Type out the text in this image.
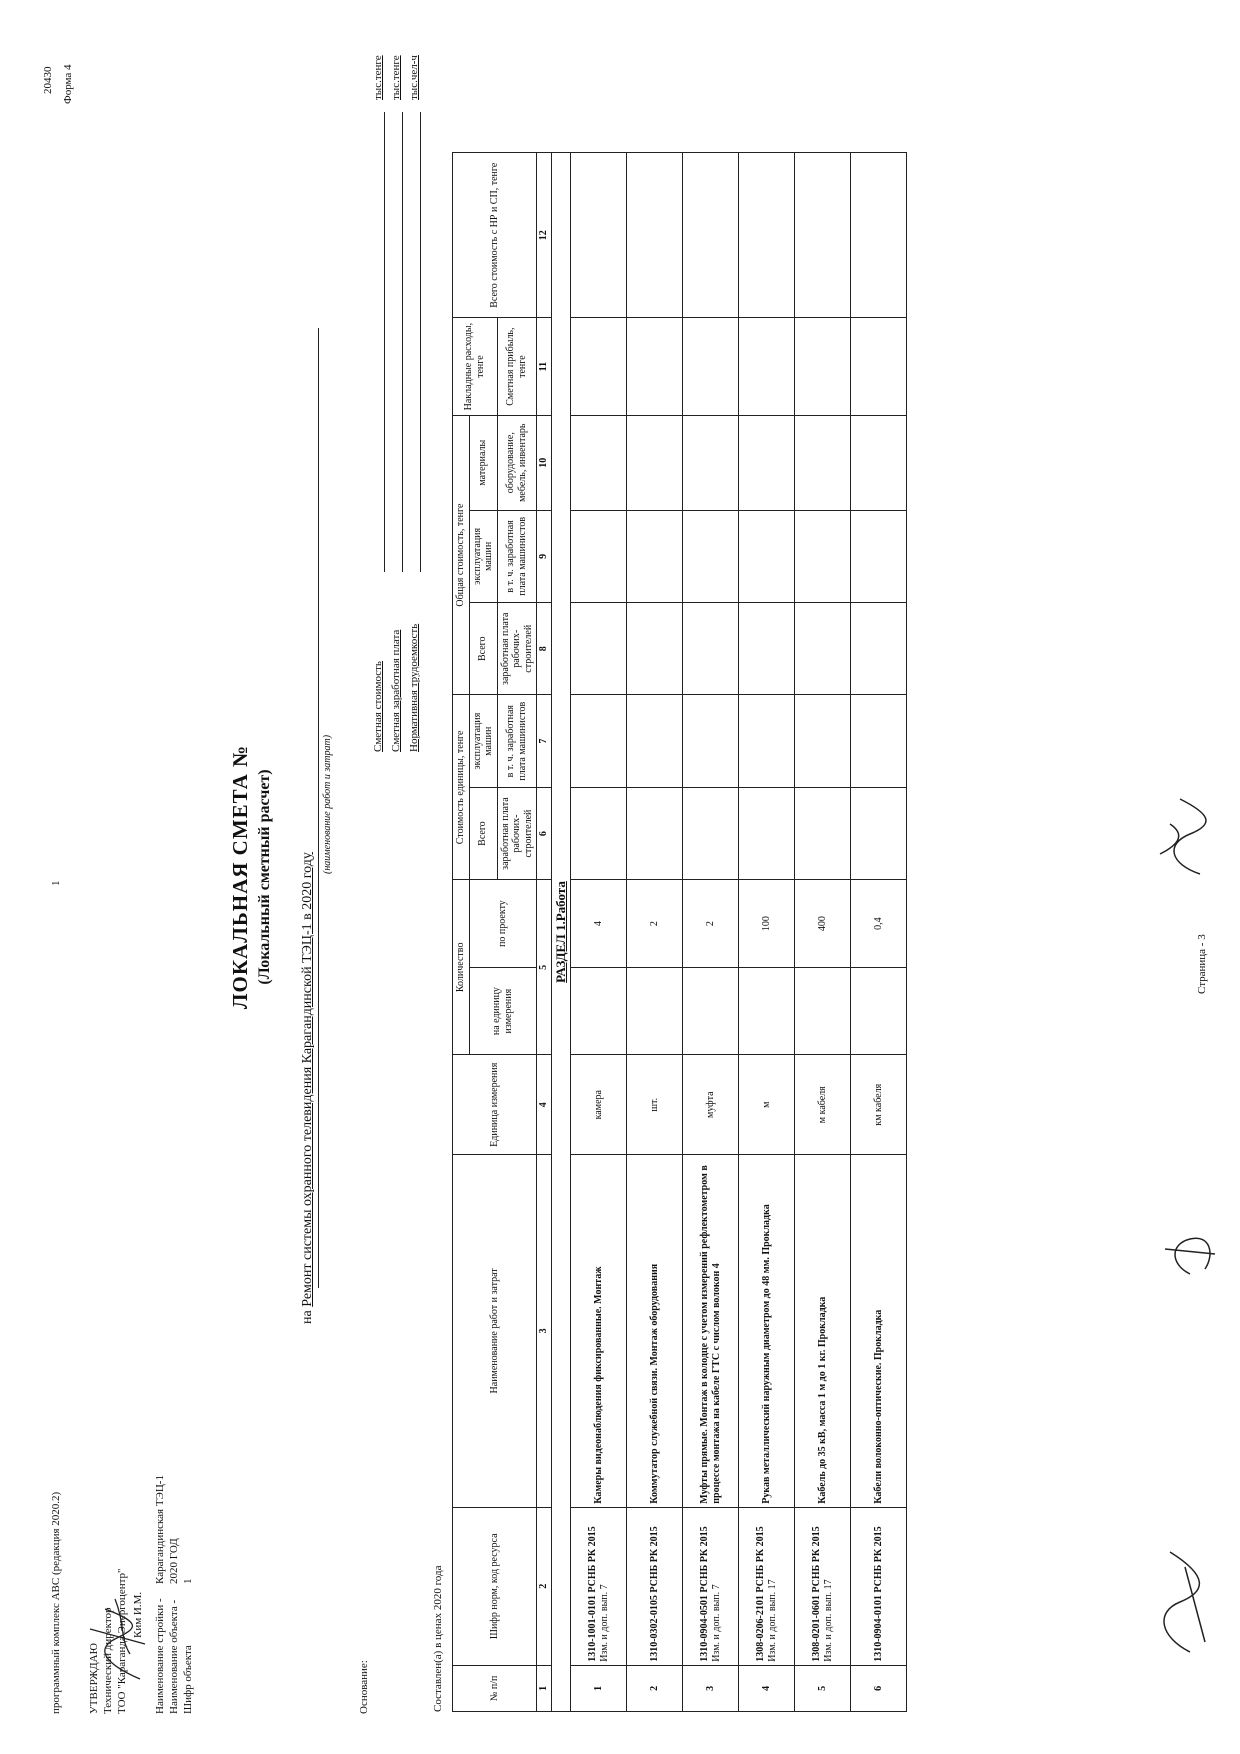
программный комплекс ABC (редакция 2020.2)
1
20430 Форма 4
УТВЕРЖДАЮ Технический директор ТОО "Караганда Энергоцентр" Ким И.М. Наименование стройки -
Карагандинская ТЭЦ-1
Наименование объекта -
2020 ГОД
Шифр объекта
1
ЛОКАЛЬНАЯ СМЕТА № (Локальный сметный расчет)
на Ремонт системы охранного телевидения Карагандинской ТЭЦ-1 в 2020 году
(наименование работ и затрат)
Основание:
Сметная стоимость
тыс.тенге
Сметная заработная плата
тыс.тенге
Нормативная трудоемкость
тыс.чел-ч
Составлен(а) в ценах 2020 года	№ п/п	Шифр норм, код ресурса	Наименование работ и затрат	Единица измерения	Количество		Стоимость единицы, тенге		Общая стоимость, тенге			Накладные расходы, тенге	Всего стоимость с НР и СП, тенге
				на единицу измерения	по проекту	Всего	эксплуатация машин	Всего	эксплуатация машин	материалы		
						заработная плата рабочих-строителей	в т. ч. заработная плата машинистов	заработная плата рабочих-строителей	в т. ч. заработная плата машинистов	оборудование, мебель, инвентарь	Сметная прибыль, тенге	
1	2	3	4	5		6	7	8	9	10	11	12
РАЗДЕЛ 1.Работа												
1	1310-1001-0101 РСНБ РК 2015 Изм. и доп. вып. 7	Камеры видеонаблюдения фиксированные. Монтаж	камера		4							
2	1310-0302-0105 РСНБ РК 2015	Коммутатор служебной связи. Монтаж оборудования	шт.		2							
3	1310-0904-0501 РСНБ РК 2015 Изм. и доп. вып. 7	Муфты прямые. Монтаж в колодце с учетом измерений рефлектометром в процессе монтажа на кабеле ГТС с числом волокон 4	муфта		2							
4	1308-0206-2101 РСНБ РК 2015 Изм. и доп. вып. 17	Рукав металлический наружным диаметром до 48 мм. Прокладка	м		100							
5	1308-0201-0601 РСНБ РК 2015 Изм. и доп. вып. 17	Кабель до 35 кВ, масса 1 м до 1 кг. Прокладка	м кабеля		400							
6	1310-0904-0101 РСНБ РК 2015	Кабели волоконно-оптические. Прокладка	км кабеля		0,4							
Страница - 3
